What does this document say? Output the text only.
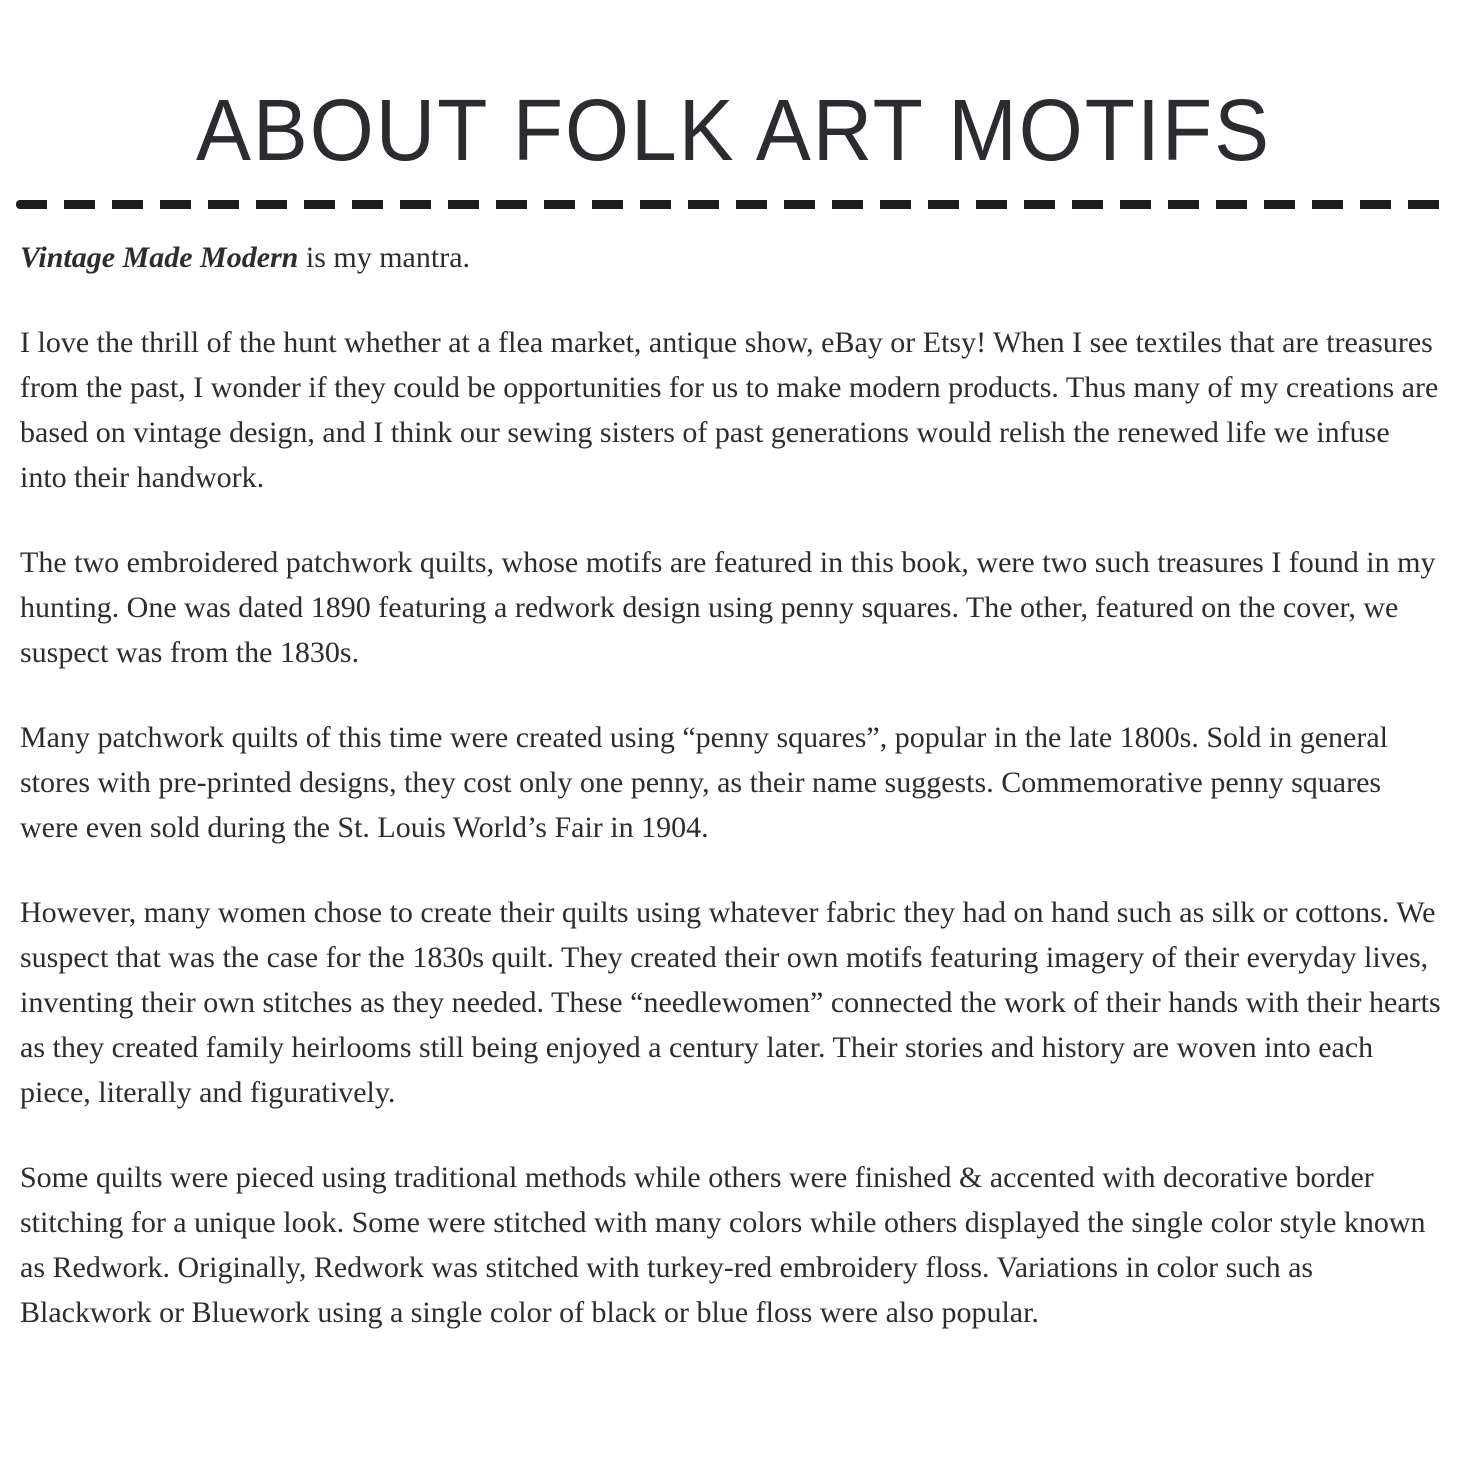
ABOUT FOLK ART MOTIFS

Vintage Made Modern is my mantra.

I love the thrill of the hunt whether at a flea market, antique show, eBay or Etsy! When I see textiles that are treasures from the past, I wonder if they could be opportunities for us to make modern products. Thus many of my creations are based on vintage design, and I think our sewing sisters of past generations would relish the renewed life we infuse into their handwork.

The two embroidered patchwork quilts, whose motifs are featured in this book, were two such treasures I found in my hunting. One was dated 1890 featuring a redwork design using penny squares. The other, featured on the cover, we suspect was from the 1830s.

Many patchwork quilts of this time were created using “penny squares”, popular in the late 1800s. Sold in general stores with pre-printed designs, they cost only one penny, as their name suggests. Commemorative penny squares were even sold during the St. Louis World’s Fair in 1904.

However, many women chose to create their quilts using whatever fabric they had on hand such as silk or cottons. We suspect that was the case for the 1830s quilt. They created their own motifs featuring imagery of their everyday lives, inventing their own stitches as they needed. These “needlewomen” connected the work of their hands with their hearts as they created family heirlooms still being enjoyed a century later. Their stories and history are woven into each piece, literally and figuratively.

Some quilts were pieced using traditional methods while others were finished & accented with decorative border stitching for a unique look. Some were stitched with many colors while others displayed the single color style known as Redwork. Originally, Redwork was stitched with turkey-red embroidery floss. Variations in color such as Blackwork or Bluework using a single color of black or blue floss were also popular.
